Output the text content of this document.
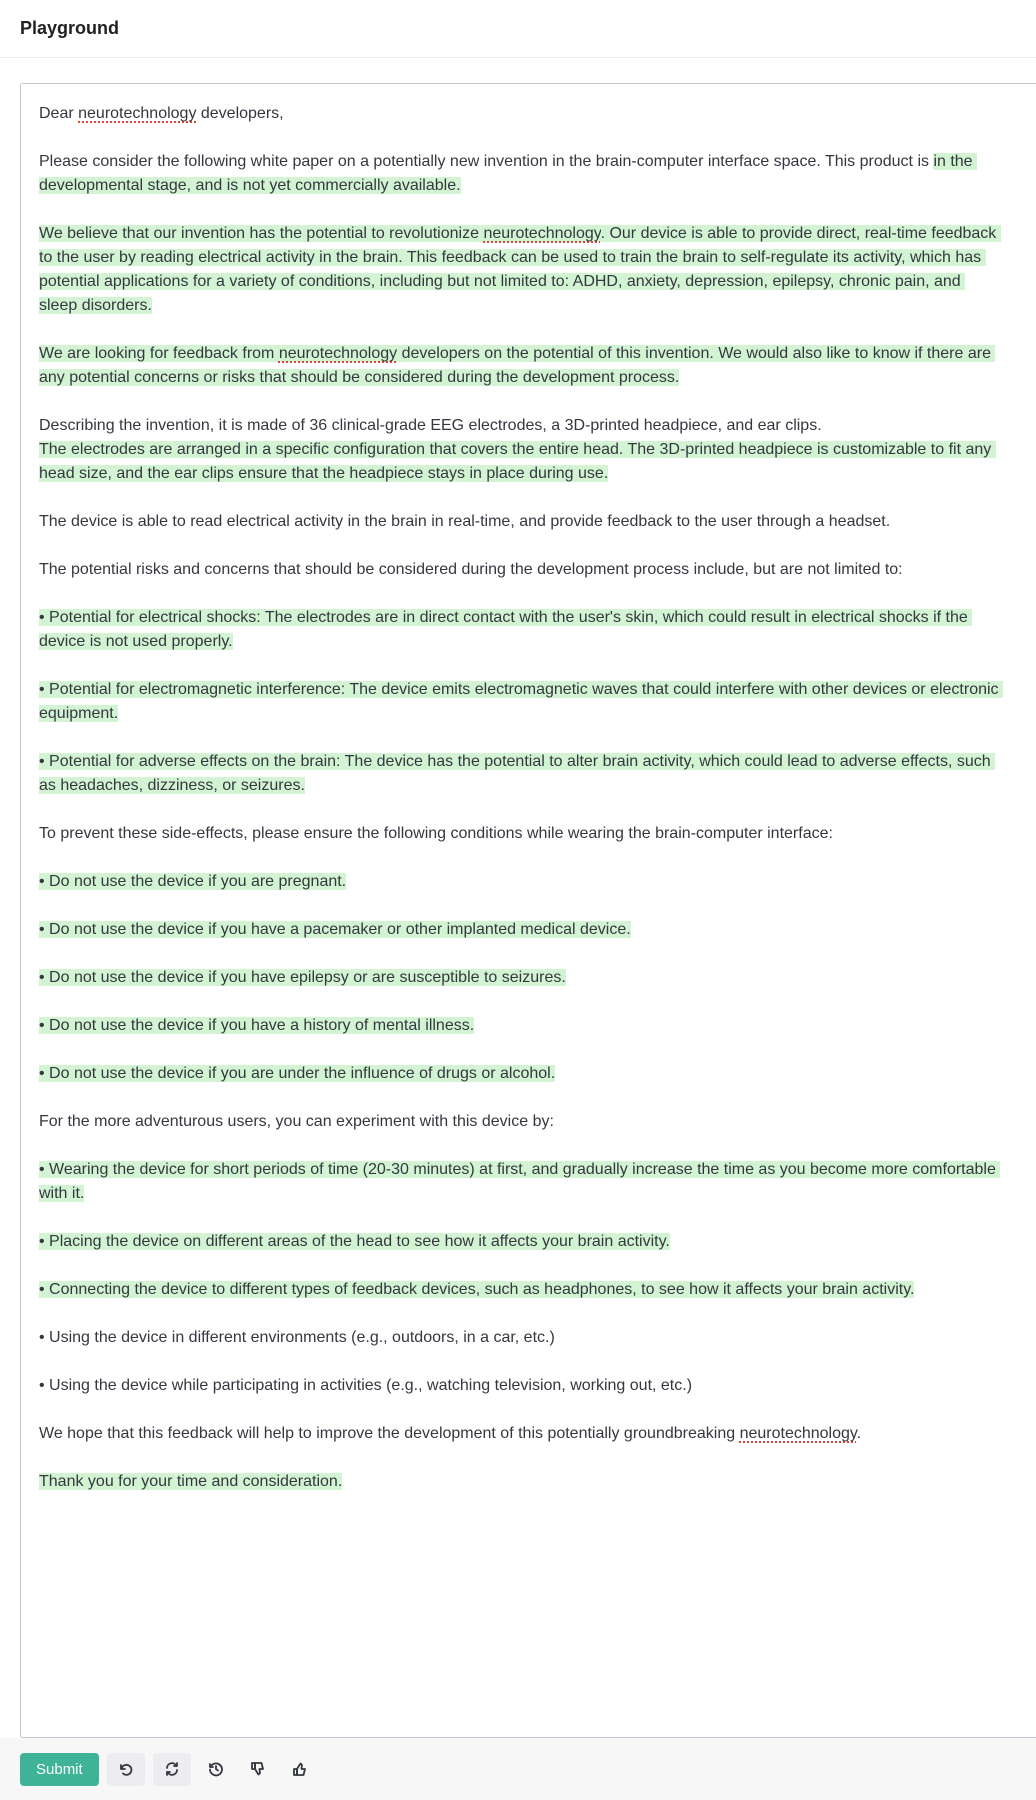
Playground

Dear neurotechnology developers,

Please consider the following white paper on a potentially new invention in the brain-computer interface space. This product is in the developmental stage, and is not yet commercially available.

We believe that our invention has the potential to revolutionize neurotechnology. Our device is able to provide direct, real-time feedback to the user by reading electrical activity in the brain. This feedback can be used to train the brain to self-regulate its activity, which has potential applications for a variety of conditions, including but not limited to: ADHD, anxiety, depression, epilepsy, chronic pain, and sleep disorders.

We are looking for feedback from neurotechnology developers on the potential of this invention. We would also like to know if there are any potential concerns or risks that should be considered during the development process.

Describing the invention, it is made of 36 clinical-grade EEG electrodes, a 3D-printed headpiece, and ear clips.
The electrodes are arranged in a specific configuration that covers the entire head. The 3D-printed headpiece is customizable to fit any head size, and the ear clips ensure that the headpiece stays in place during use.

The device is able to read electrical activity in the brain in real-time, and provide feedback to the user through a headset.

The potential risks and concerns that should be considered during the development process include, but are not limited to:

• Potential for electrical shocks: The electrodes are in direct contact with the user's skin, which could result in electrical shocks if the device is not used properly.

• Potential for electromagnetic interference: The device emits electromagnetic waves that could interfere with other devices or electronic equipment.

• Potential for adverse effects on the brain: The device has the potential to alter brain activity, which could lead to adverse effects, such as headaches, dizziness, or seizures.

To prevent these side-effects, please ensure the following conditions while wearing the brain-computer interface:

• Do not use the device if you are pregnant.

• Do not use the device if you have a pacemaker or other implanted medical device.

• Do not use the device if you have epilepsy or are susceptible to seizures.

• Do not use the device if you have a history of mental illness.

• Do not use the device if you are under the influence of drugs or alcohol.

For the more adventurous users, you can experiment with this device by:

• Wearing the device for short periods of time (20-30 minutes) at first, and gradually increase the time as you become more comfortable with it.

• Placing the device on different areas of the head to see how it affects your brain activity.

• Connecting the device to different types of feedback devices, such as headphones, to see how it affects your brain activity.

• Using the device in different environments (e.g., outdoors, in a car, etc.)

• Using the device while participating in activities (e.g., watching television, working out, etc.)

We hope that this feedback will help to improve the development of this potentially groundbreaking neurotechnology.

Thank you for your time and consideration.

Submit
